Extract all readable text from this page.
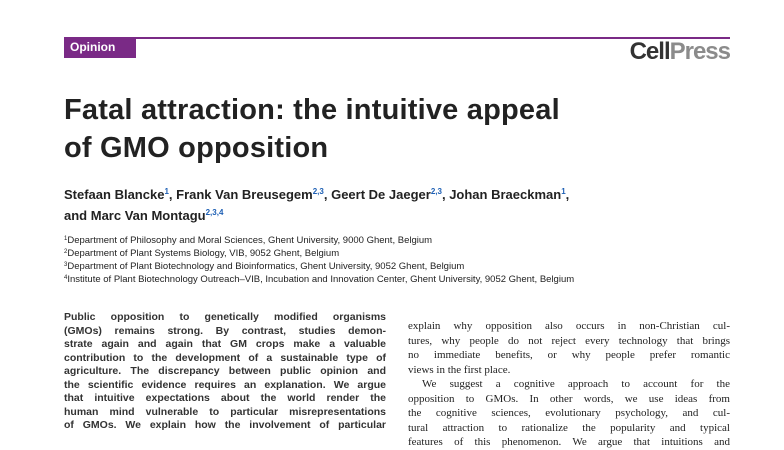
Opinion	CellPress
Fatal attraction: the intuitive appeal
of GMO opposition
Stefaan Blancke$^1$, Frank Van Breusegem$^{2,3}$, Geert De Jaeger$^{2,3}$, Johan Braeckman$^1$,
and Marc Van Montagu$^{2,3,4}$
$^1$Department of Philosophy and Moral Sciences, Ghent University, 9000 Ghent, Belgium
$^2$Department of Plant Systems Biology, VIB, 9052 Ghent, Belgium
$^3$Department of Plant Biotechnology and Bioinformatics, Ghent University, 9052 Ghent, Belgium
$^4$Institute of Plant Biotechnology Outreach–VIB, Incubation and Innovation Center, Ghent University, 9052 Ghent, Belgium
Public opposition to genetically modified organisms
(GMOs) remains strong. By contrast, studies demon-
strate again and again that GM crops make a valuable
contribution to the development of a sustainable type of
agriculture. The discrepancy between public opinion and
the scientific evidence requires an explanation. We argue
that intuitive expectations about the world render the
human mind vulnerable to particular misrepresentations
of GMOs. We explain how the involvement of particular
explain why opposition also occurs in non-Christian cul-
tures, why people do not reject every technology that brings
no immediate benefits, or why people prefer romantic
views in the first place.
We suggest a cognitive approach to account for the
opposition to GMOs. In other words, we use ideas from
the cognitive sciences, evolutionary psychology, and cul-
tural attraction to rationalize the popularity and typical
features of this phenomenon. We argue that intuitions and
